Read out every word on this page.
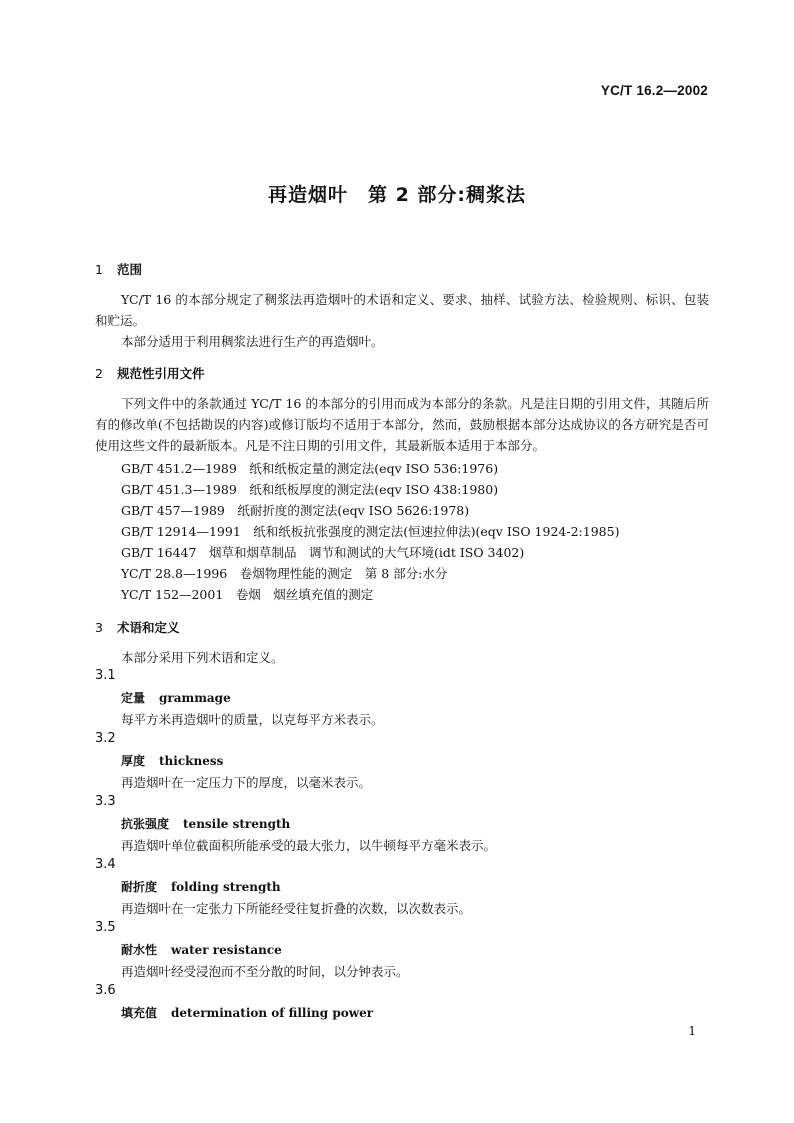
YC/T 16.2—2002
再造烟叶 第 2 部分:稠浆法
1 范围
YC/T 16 的本部分规定了稠浆法再造烟叶的术语和定义、要求、抽样、试验方法、检验规则、标识、包装和贮运。
本部分适用于利用稠浆法进行生产的再造烟叶。
2 规范性引用文件
下列文件中的条款通过 YC/T 16 的本部分的引用而成为本部分的条款。凡是注日期的引用文件，其随后所有的修改单(不包括勘误的内容)或修订版均不适用于本部分，然而，鼓励根据本部分达成协议的各方研究是否可使用这些文件的最新版本。凡是不注日期的引用文件，其最新版本适用于本部分。
GB/T 451.2—1989　纸和纸板定量的测定法(eqv ISO 536:1976)
GB/T 451.3—1989　纸和纸板厚度的测定法(eqv ISO 438:1980)
GB/T 457—1989　纸耐折度的测定法(eqv ISO 5626:1978)
GB/T 12914—1991　纸和纸板抗张强度的测定法(恒速拉伸法)(eqv ISO 1924-2:1985)
GB/T 16447　烟草和烟草制品　调节和测试的大气环境(idt ISO 3402)
YC/T 28.8—1996　卷烟物理性能的测定　第 8 部分:水分
YC/T 152—2001　卷烟　烟丝填充值的测定
3 术语和定义
本部分采用下列术语和定义。
3.1
定量 grammage
每平方米再造烟叶的质量，以克每平方米表示。
3.2
厚度 thickness
再造烟叶在一定压力下的厚度，以毫米表示。
3.3
抗张强度 tensile strength
再造烟叶单位截面积所能承受的最大张力，以牛顿每平方毫米表示。
3.4
耐折度 folding strength
再造烟叶在一定张力下所能经受往复折叠的次数，以次数表示。
3.5
耐水性 water resistance
再造烟叶经受浸泡而不至分散的时间，以分钟表示。
3.6
填充值 determination of filling power
1
